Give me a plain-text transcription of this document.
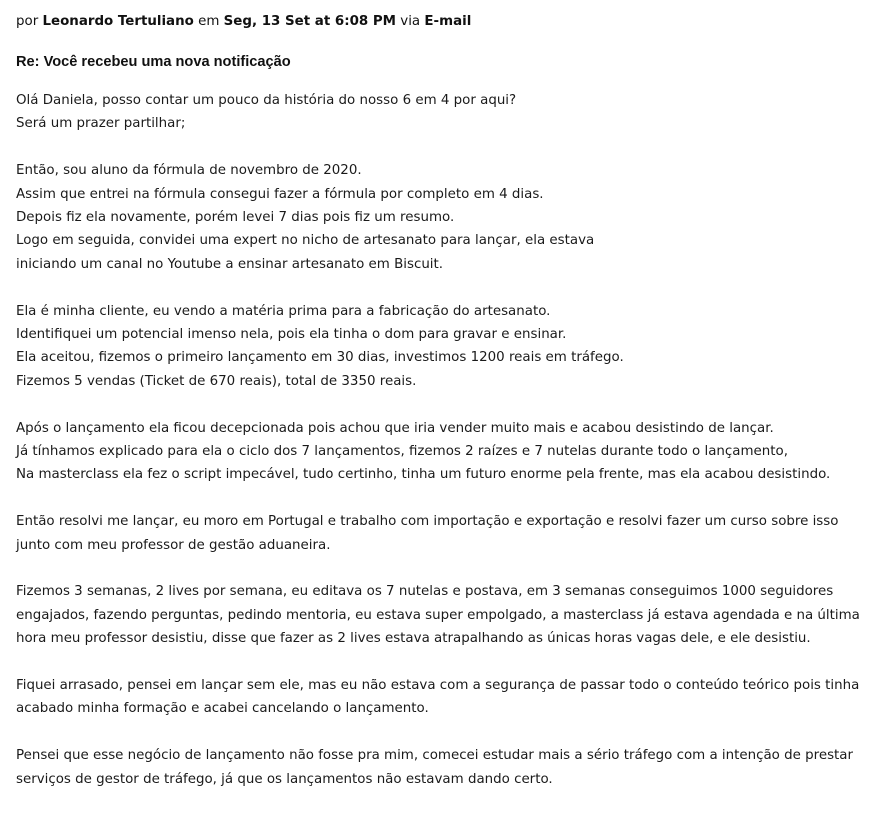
por Leonardo Tertuliano em Seg, 13 Set at 6:08 PM via E-mail
Re: Você recebeu uma nova notificação
Olá Daniela, posso contar um pouco da história do nosso 6 em 4 por aqui?
Será um prazer partilhar;
Então, sou aluno da fórmula de novembro de 2020.
Assim que entrei na fórmula consegui fazer a fórmula por completo em 4 dias.
Depois fiz ela novamente, porém levei 7 dias pois fiz um resumo.
Logo em seguida, convidei uma expert no nicho de artesanato para lançar, ela estava
iniciando um canal no Youtube a ensinar artesanato em Biscuit.
Ela é minha cliente, eu vendo a matéria prima para a fabricação do artesanato.
Identifiquei um potencial imenso nela, pois ela tinha o dom para gravar e ensinar.
Ela aceitou, fizemos o primeiro lançamento em 30 dias, investimos 1200 reais em tráfego.
Fizemos 5 vendas (Ticket de 670 reais), total de 3350 reais.
Após o lançamento ela ficou decepcionada pois achou que iria vender muito mais e acabou desistindo de lançar.
Já tínhamos explicado para ela o ciclo dos 7 lançamentos, fizemos 2 raízes e 7 nutelas durante todo o lançamento,
Na masterclass ela fez o script impecável, tudo certinho, tinha um futuro enorme pela frente, mas ela acabou desistindo.
Então resolvi me lançar, eu moro em Portugal e trabalho com importação e exportação e resolvi fazer um curso sobre isso
junto com meu professor de gestão aduaneira.
Fizemos 3 semanas, 2 lives por semana, eu editava os 7 nutelas e postava, em 3 semanas conseguimos 1000 seguidores
engajados, fazendo perguntas, pedindo mentoria, eu estava super empolgado, a masterclass já estava agendada e na última
hora meu professor desistiu, disse que fazer as 2 lives estava atrapalhando as únicas horas vagas dele, e ele desistiu.
Fiquei arrasado, pensei em lançar sem ele, mas eu não estava com a segurança de passar todo o conteúdo teórico pois tinha
acabado minha formação e acabei cancelando o lançamento.
Pensei que esse negócio de lançamento não fosse pra mim, comecei estudar mais a sério tráfego com a intenção de prestar
serviços de gestor de tráfego, já que os lançamentos não estavam dando certo.
